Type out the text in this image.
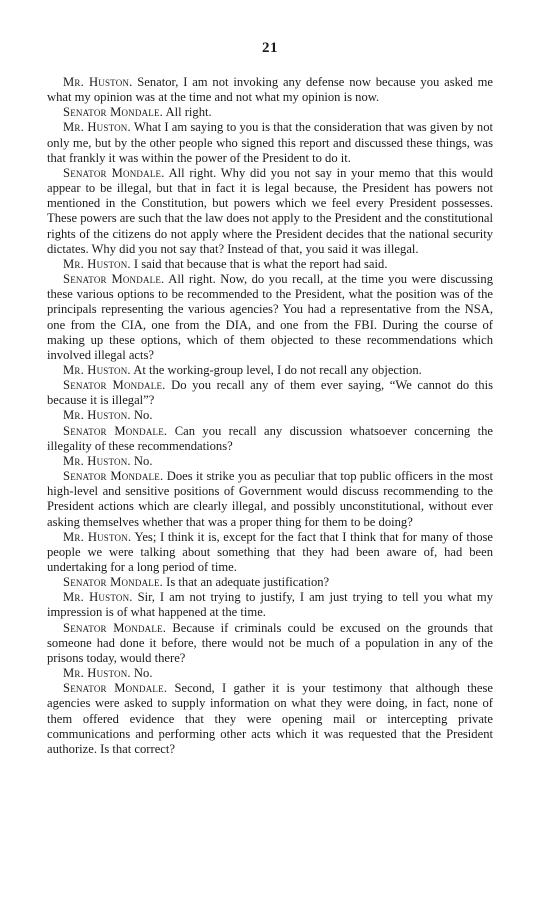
21

Mr. Huston. Senator, I am not invoking any defense now because you asked me what my opinion was at the time and not what my opinion is now.

Senator Mondale. All right.

Mr. Huston. What I am saying to you is that the consideration that was given by not only me, but by the other people who signed this report and discussed these things, was that frankly it was within the power of the President to do it.

Senator Mondale. All right. Why did you not say in your memo that this would appear to be illegal, but that in fact it is legal because, the President has powers not mentioned in the Constitution, but powers which we feel every President possesses. These powers are such that the law does not apply to the President and the constitutional rights of the citizens do not apply where the President decides that the national security dictates. Why did you not say that? Instead of that, you said it was illegal.

Mr. Huston. I said that because that is what the report had said.

Senator Mondale. All right. Now, do you recall, at the time you were discussing these various options to be recommended to the President, what the position was of the principals representing the various agencies? You had a representative from the NSA, one from the CIA, one from the DIA, and one from the FBI. During the course of making up these options, which of them objected to these recommendations which involved illegal acts?

Mr. Huston. At the working-group level, I do not recall any objection.

Senator Mondale. Do you recall any of them ever saying, “We cannot do this because it is illegal”?

Mr. Huston. No.

Senator Mondale. Can you recall any discussion whatsoever concerning the illegality of these recommendations?

Mr. Huston. No.

Senator Mondale. Does it strike you as peculiar that top public officers in the most high-level and sensitive positions of Government would discuss recommending to the President actions which are clearly illegal, and possibly unconstitutional, without ever asking themselves whether that was a proper thing for them to be doing?

Mr. Huston. Yes; I think it is, except for the fact that I think that for many of those people we were talking about something that they had been aware of, had been undertaking for a long period of time.

Senator Mondale. Is that an adequate justification?

Mr. Huston. Sir, I am not trying to justify, I am just trying to tell you what my impression is of what happened at the time.

Senator Mondale. Because if criminals could be excused on the grounds that someone had done it before, there would not be much of a population in any of the prisons today, would there?

Mr. Huston. No.

Senator Mondale. Second, I gather it is your testimony that although these agencies were asked to supply information on what they were doing, in fact, none of them offered evidence that they were opening mail or intercepting private communications and performing other acts which it was requested that the President authorize. Is that correct?
